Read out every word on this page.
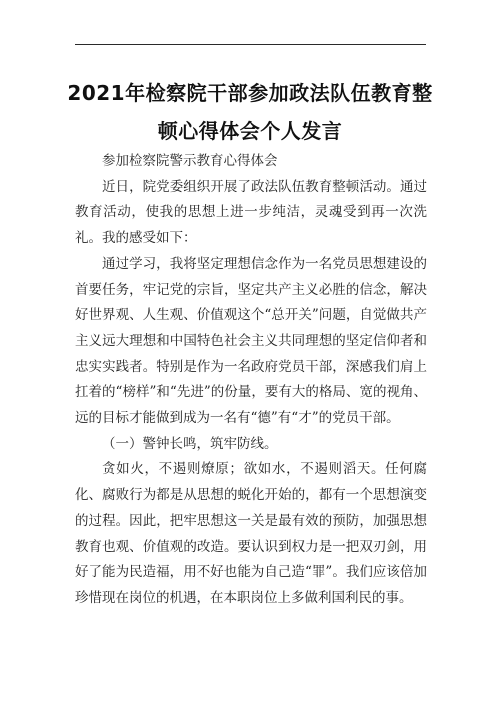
2021年检察院干部参加政法队伍教育整顿心得体会个人发言

参加检察院警示教育心得体会

近日，院党委组织开展了政法队伍教育整顿活动。通过教育活动，使我的思想上进一步纯洁，灵魂受到再一次洗礼。我的感受如下：

通过学习，我将坚定理想信念作为一名党员思想建设的首要任务，牢记党的宗旨，坚定共产主义必胜的信念，解决好世界观、人生观、价值观这个“总开关”问题，自觉做共产主义远大理想和中国特色社会主义共同理想的坚定信仰者和忠实实践者。特别是作为一名政府党员干部，深感我们肩上扛着的“榜样”和“先进”的份量，要有大的格局、宽的视角、远的目标才能做到成为一名有“德”有“才”的党员干部。

（一）警钟长鸣，筑牢防线。

贪如火，不遏则燎原；欲如水，不遏则滔天。任何腐化、腐败行为都是从思想的蜕化开始的，都有一个思想演变的过程。因此，把牢思想这一关是最有效的预防，加强思想教育也观、价值观的改造。要认识到权力是一把双刃剑，用好了能为民造福，用不好也能为自己造“罪”。我们应该倍加珍惜现在岗位的机遇，在本职岗位上多做利国利民的事。
